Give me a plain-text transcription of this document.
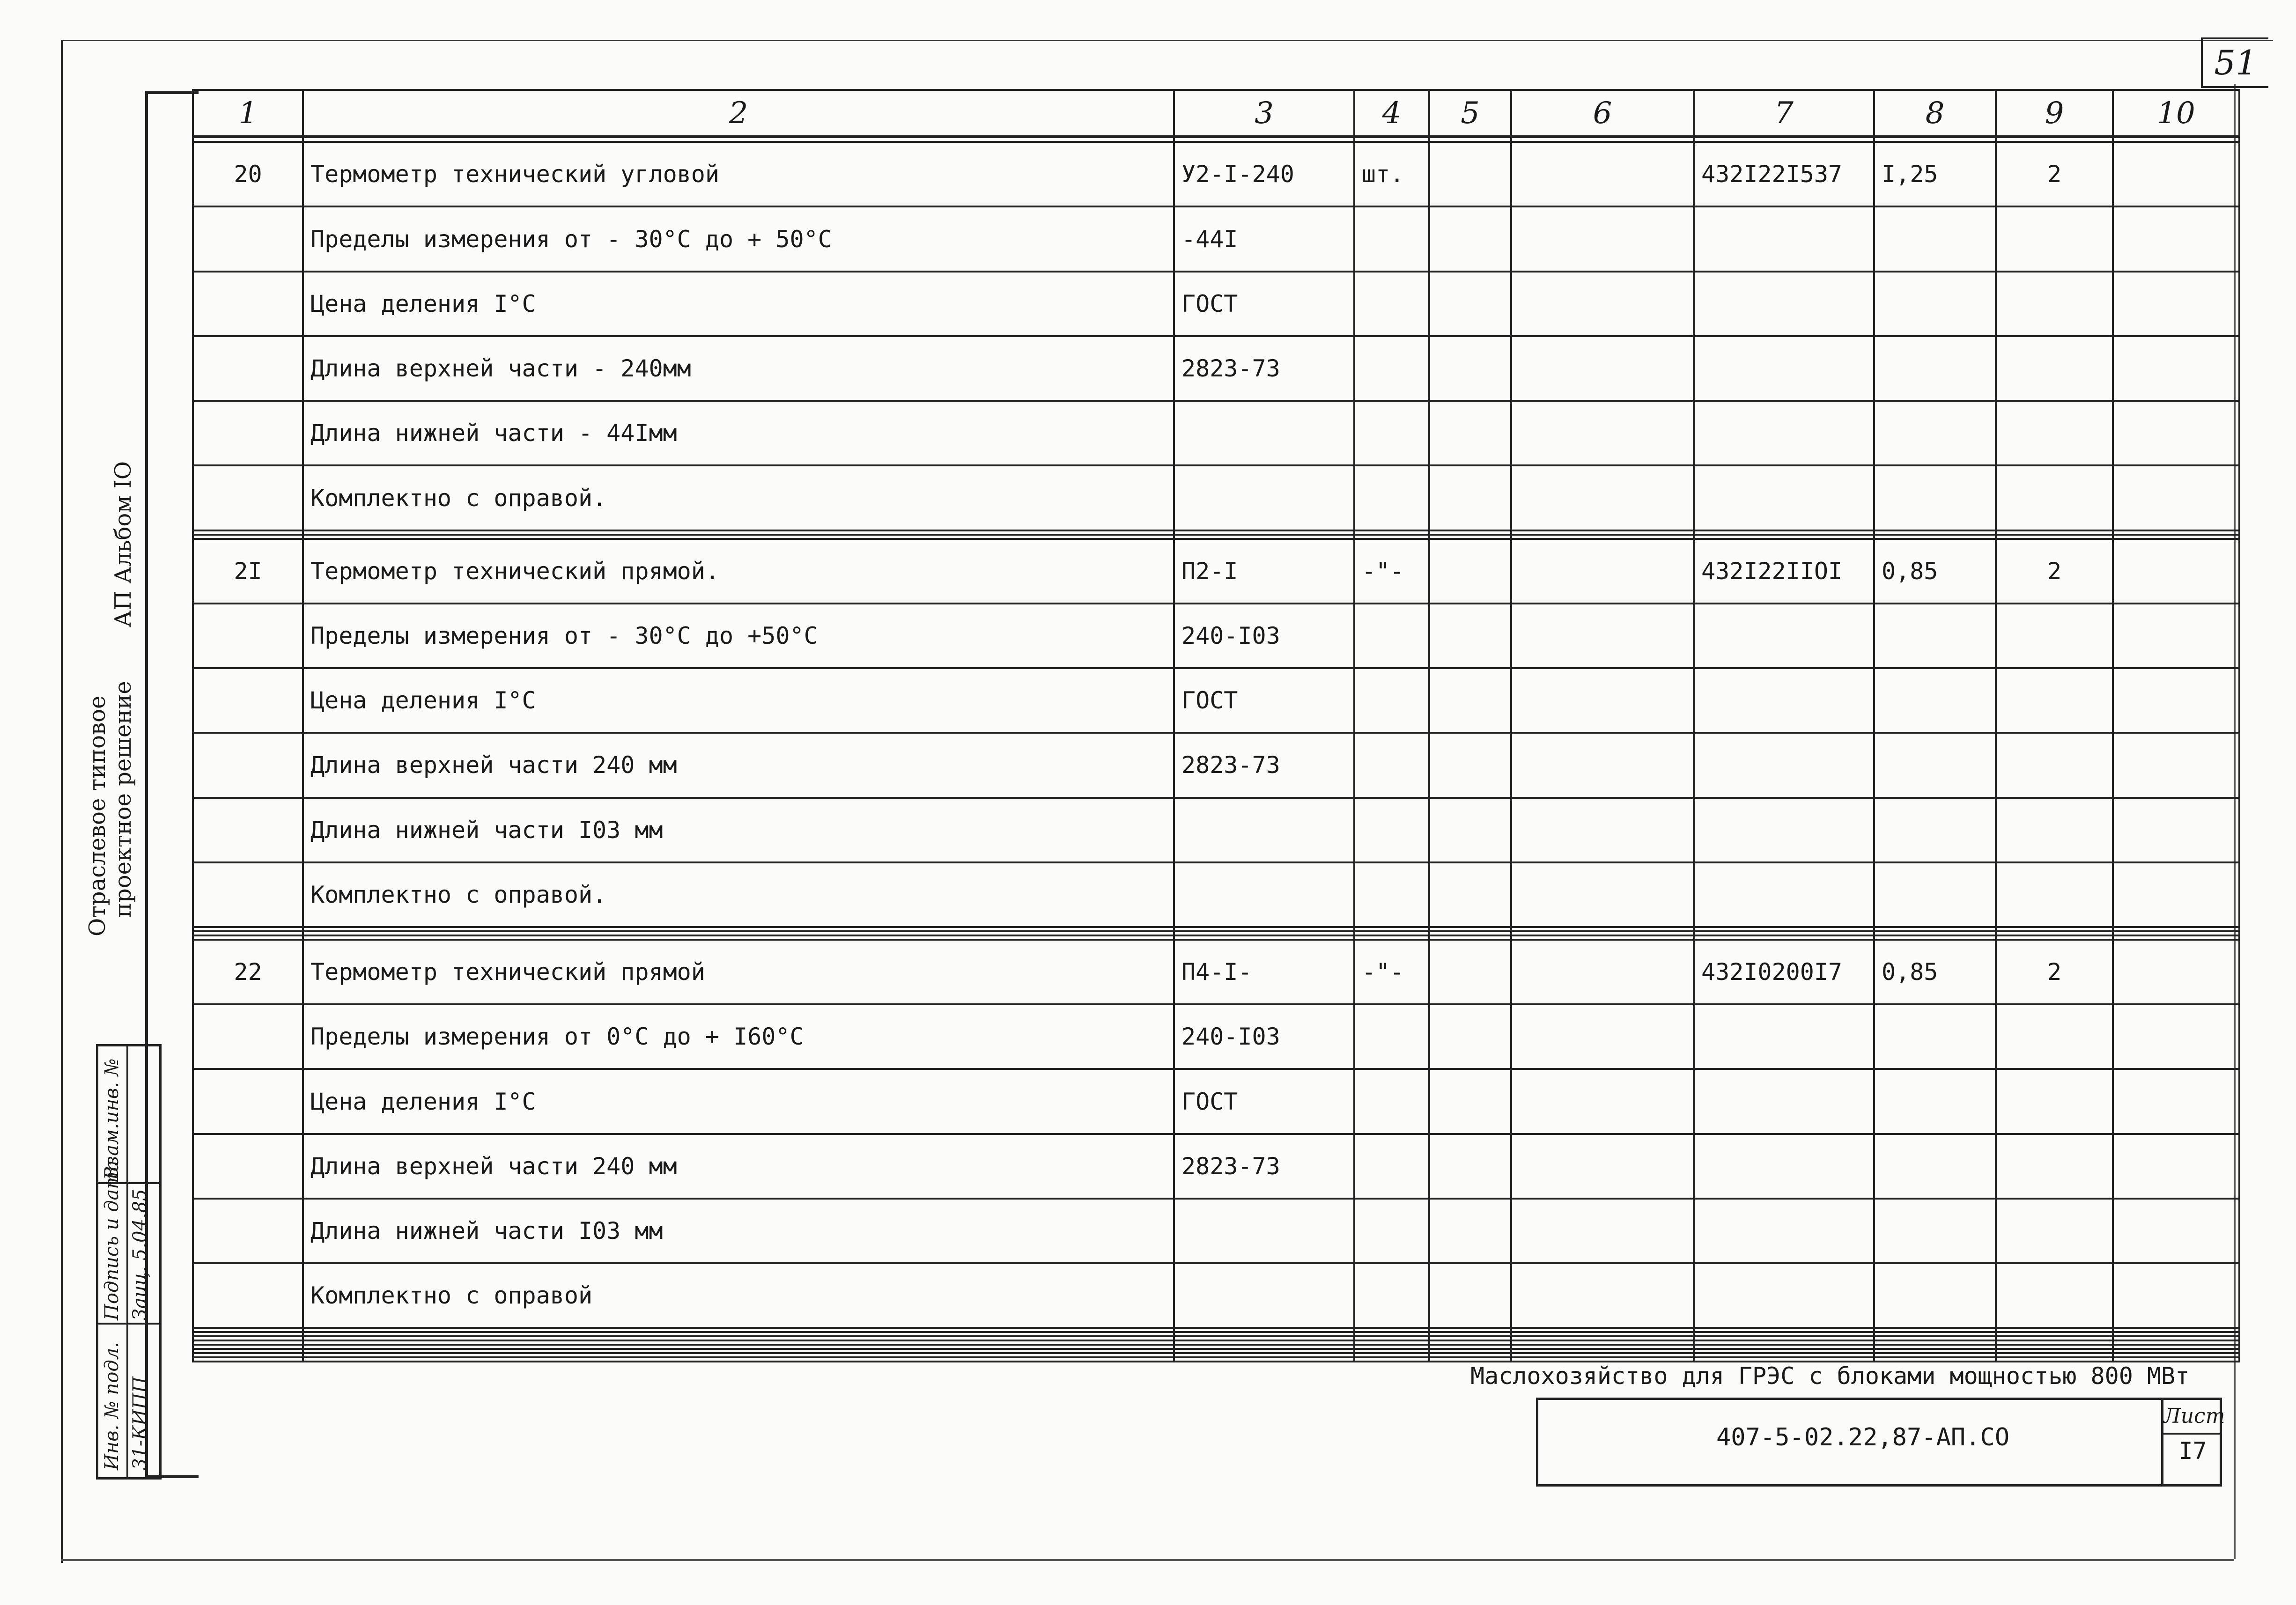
51
Отраслевое типовое проектное решение
АП Альбом IO
Взам.инв. №
Подпись и дата Заиц. 5.04.85
Инв. № подл. 31-КИПП
1	2	3	4	5	6	7	8	9	10

20	Термометр технический угловой	У2-I-240	шт.			432I22I537	I,25	2	
	Пределы измерения от - 30°С до + 50°С	-44I							
	Цена деления I°С	ГОСТ							
	Длина верхней части - 240мм	2823-73							
	Длина нижней части - 44Iмм								
	Комплектно с оправой.								

2I	Термометр технический прямой.	П2-I	-"-			432I22IIOI	0,85	2	
	Пределы измерения от - 30°С до +50°С	240-I03							
	Цена деления I°С	ГОСТ							
	Длина верхней части 240 мм	2823-73							
	Длина нижней части I03 мм								
	Комплектно с оправой.								

22	Термометр технический прямой	П4-I-	-"-			432I0200I7	0,85	2	
	Пределы измерения от 0°С до + I60°С	240-I03							
	Цена деления I°С	ГОСТ							
	Длина верхней части 240 мм	2823-73							
	Длина нижней части I03 мм								
	Комплектно с оправой								

Маслохозяйство для ГРЭС с блоками мощностью 800 МВт
407-5-02.22,87-АП.СО
Лист
I7
